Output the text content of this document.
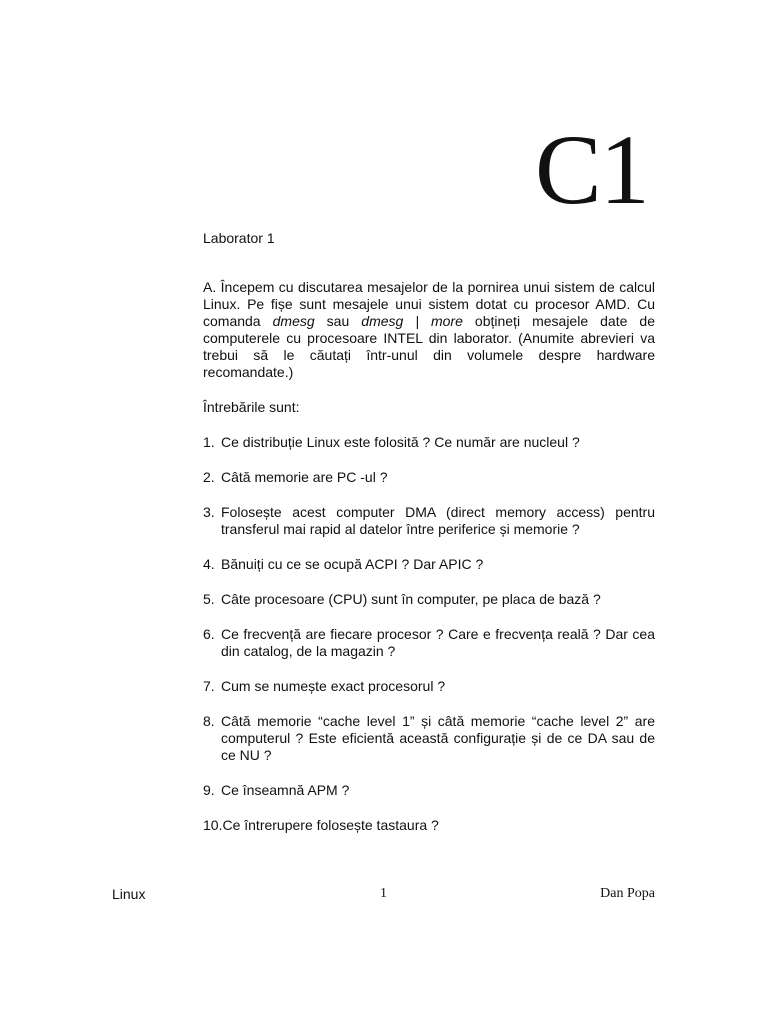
C1
Laborator 1

A. Începem cu discutarea mesajelor de la pornirea unui sistem de calcul Linux. Pe fișe sunt mesajele unui sistem dotat cu procesor AMD. Cu comanda dmesg sau dmesg | more obțineți mesajele date de computerele cu procesoare INTEL din laborator. (Anumite abrevieri va trebui să le căutați într-unul din volumele despre hardware recomandate.)

Întrebările sunt:

1. Ce distribuție Linux este folosită ? Ce număr are nucleul ?
2. Câtă memorie are PC -ul ?
3. Folosește acest computer DMA (direct memory access) pentru transferul mai rapid al datelor între periferice și memorie ?
4. Bănuiți cu ce se ocupă ACPI ? Dar APIC ?
5. Câte procesoare (CPU) sunt în computer, pe placa de bază ?
6. Ce frecvență are fiecare procesor ? Care e frecvența reală ? Dar cea din catalog, de la magazin ?
7. Cum se numește exact procesorul ?
8. Câtă memorie “cache level 1” și câtă memorie “cache level 2” are computerul ? Este eficientă această configurație și de ce DA sau de ce NU ?
9. Ce înseamnă APM ?
10. Ce întrerupere folosește tastaura ?
Linux	1	Dan Popa
